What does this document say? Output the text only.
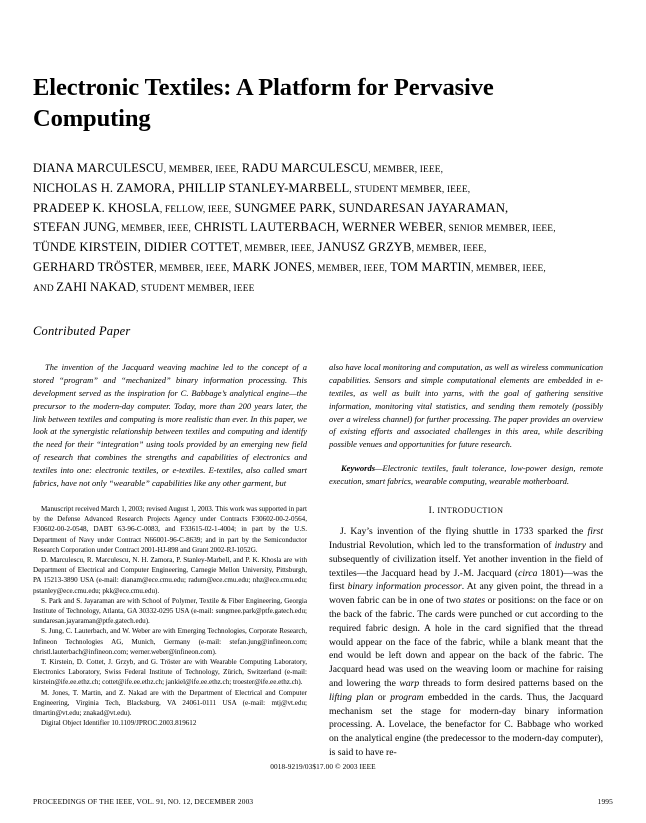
Electronic Textiles: A Platform for Pervasive Computing
DIANA MARCULESCU, MEMBER, IEEE, RADU MARCULESCU, MEMBER, IEEE,
NICHOLAS H. ZAMORA, PHILLIP STANLEY-MARBELL, STUDENT MEMBER, IEEE,
PRADEEP K. KHOSLA, FELLOW, IEEE, SUNGMEE PARK, SUNDARESAN JAYARAMAN,
STEFAN JUNG, MEMBER, IEEE, CHRISTL LAUTERBACH, WERNER WEBER, SENIOR MEMBER, IEEE,
TÜNDE KIRSTEIN, DIDIER COTTET, MEMBER, IEEE, JANUSZ GRZYB, MEMBER, IEEE,
GERHARD TRÖSTER, MEMBER, IEEE, MARK JONES, MEMBER, IEEE, TOM MARTIN, MEMBER, IEEE,
AND ZAHI NAKAD, STUDENT MEMBER, IEEE
Contributed Paper

The invention of the Jacquard weaving machine led to the concept of a stored “program” and “mechanized” binary information processing. This development served as the inspiration for C. Babbage’s analytical engine—the precursor to the modern-day computer. Today, more than 200 years later, the link between textiles and computing is more realistic than ever. In this paper, we look at the synergistic relationship between textiles and computing and identify the need for their “integration” using tools provided by an emerging new field of research that combines the strengths and capabilities of electronics and textiles into one: electronic textiles, or e-textiles. E-textiles, also called smart fabrics, have not only “wearable” capabilities like any other garment, but

Manuscript received March 1, 2003; revised August 1, 2003. This work was supported in part by the Defense Advanced Research Projects Agency under Contracts F30602-00-2-0564, F30602-00-2-0548, DABT 63-96-C-0083, and F33615-02-1-4004; in part by the U.S. Department of Navy under Contract N66001-96-C-8639; and in part by the Semiconductor Research Corporation under Contract 2001-HJ-898 and Grant 2002-RJ-1052G.

D. Marculescu, R. Marculescu, N. H. Zamora, P. Stanley-Marbell, and P. K. Khosla are with Department of Electrical and Computer Engineering, Carnegie Mellon University, Pittsburgh, PA 15213-3890 USA (e-mail: dianam@ece.cmu.edu; radum@ece.cmu.edu; nhz@ece.cmu.edu; pstanley@ece.cmu.edu; pkk@ece.cmu.edu).

S. Park and S. Jayaraman are with School of Polymer, Textile & Fiber Engineering, Georgia Institute of Technology, Atlanta, GA 30332-0295 USA (e-mail: sungmee.park@ptfe.gatech.edu; sundaresan.jayaraman@ptfe.gatech.edu).

S. Jung, C. Lauterbach, and W. Weber are with Emerging Technologies, Corporate Research, Infineon Technologies AG, Munich, Germany (e-mail: stefan.jung@infineon.com; christl.lauterbach@infineon.com; werner.weber@infineon.com).

T. Kirstein, D. Cottet, J. Grzyb, and G. Tröster are with Wearable Computing Laboratory, Electronics Laboratory, Swiss Federal Institute of Technology, Zürich, Switzerland (e-mail: kirstein@ife.ee.ethz.ch; cottet@ife.ee.ethz.ch; jankiel@ife.ee.ethz.ch; troester@ife.ee.ethz.ch).

M. Jones, T. Martin, and Z. Nakad are with the Department of Electrical and Computer Engineering, Virginia Tech, Blacksburg, VA 24061-0111 USA (e-mail: mtj@vt.edu; tlmartin@vt.edu; znakad@vt.edu).

Digital Object Identifier 10.1109/JPROC.2003.819612

also have local monitoring and computation, as well as wireless communication capabilities. Sensors and simple computational elements are embedded in e-textiles, as well as built into yarns, with the goal of gathering sensitive information, monitoring vital statistics, and sending them remotely (possibly over a wireless channel) for further processing. The paper provides an overview of existing efforts and associated challenges in this area, while describing possible venues and opportunities for future research.

Keywords—Electronic textiles, fault tolerance, low-power design, remote execution, smart fabrics, wearable computing, wearable motherboard.

I. INTRODUCTION

J. Kay’s invention of the flying shuttle in 1733 sparked the first Industrial Revolution, which led to the transformation of industry and subsequently of civilization itself. Yet another invention in the field of textiles—the Jacquard head by J.-M. Jacquard (circa 1801)—was the first binary information processor. At any given point, the thread in a woven fabric can be in one of two states or positions: on the face or on the back of the fabric. The cards were punched or cut according to the required fabric design. A hole in the card signified that the thread would appear on the face of the fabric, while a blank meant that the end would be left down and appear on the back of the fabric. The Jacquard head was used on the weaving loom or machine for raising and lowering the warp threads to form desired patterns based on the lifting plan or program embedded in the cards. Thus, the Jacquard mechanism set the stage for modern-day binary information processing. A. Lovelace, the benefactor for C. Babbage who worked on the analytical engine (the predecessor to the modern-day computer), is said to have re-

0018-9219/03$17.00 © 2003 IEEE
PROCEEDINGS OF THE IEEE, VOL. 91, NO. 12, DECEMBER 2003	1995
